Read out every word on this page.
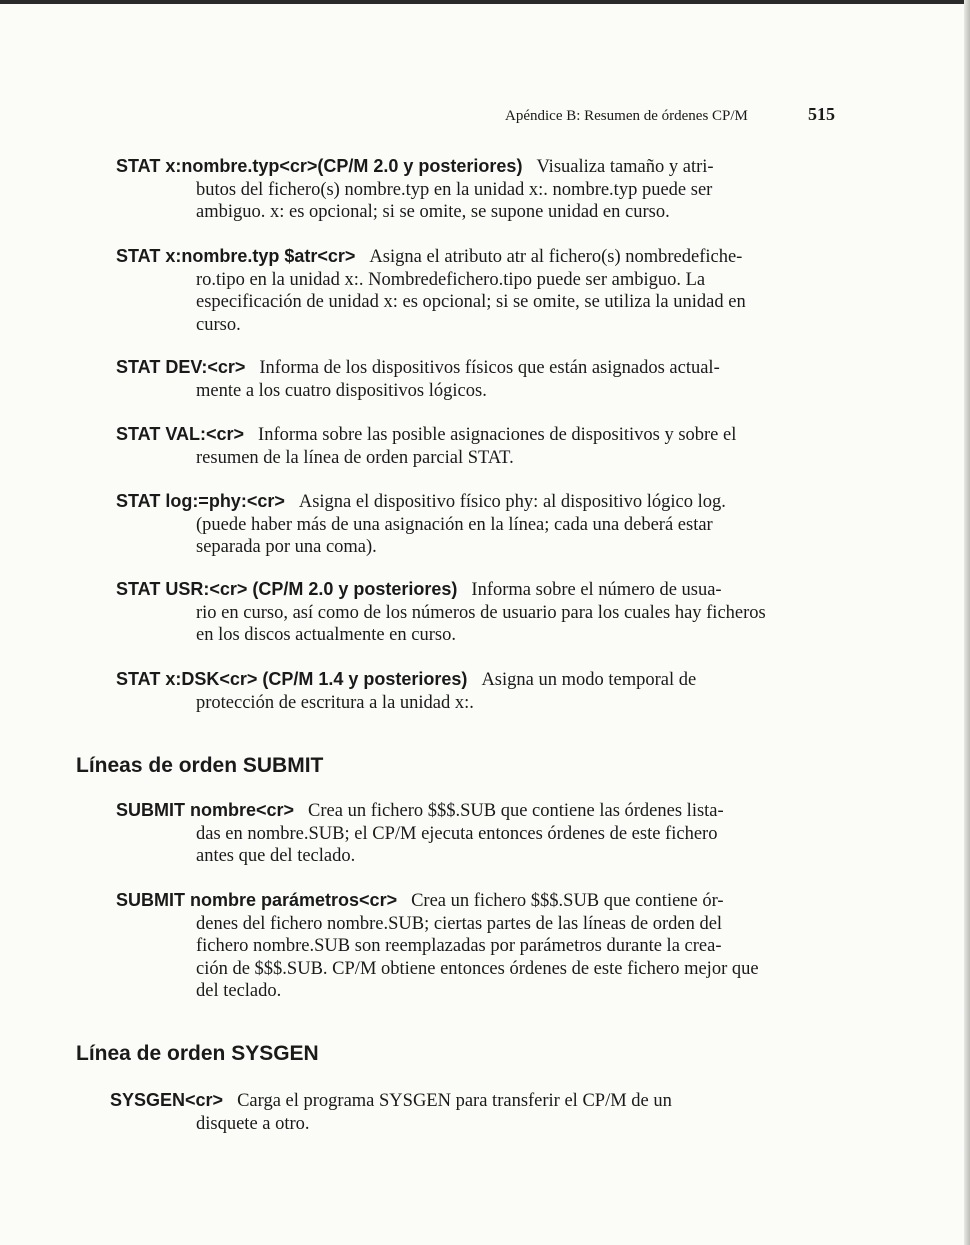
Apéndice B: Resumen de órdenes CP/M	515
STAT x:nombre.typ<cr>(CP/M 2.0 y posteriores) Visualiza tamaño y atri-
butos del fichero(s) nombre.typ en la unidad x:. nombre.typ puede ser
ambiguo. x: es opcional; si se omite, se supone unidad en curso.
STAT x:nombre.typ $atr<cr> Asigna el atributo atr al fichero(s) nombredefiche-
ro.tipo en la unidad x:. Nombredefichero.tipo puede ser ambiguo. La
especificación de unidad x: es opcional; si se omite, se utiliza la unidad en
curso.
STAT DEV:<cr> Informa de los dispositivos físicos que están asignados actual-
mente a los cuatro dispositivos lógicos.
STAT VAL:<cr> Informa sobre las posible asignaciones de dispositivos y sobre el
resumen de la línea de orden parcial STAT.
STAT log:=phy:<cr> Asigna el dispositivo físico phy: al dispositivo lógico log.
(puede haber más de una asignación en la línea; cada una deberá estar
separada por una coma).
STAT USR:<cr> (CP/M 2.0 y posteriores) Informa sobre el número de usua-
rio en curso, así como de los números de usuario para los cuales hay ficheros
en los discos actualmente en curso.
STAT x:DSK<cr> (CP/M 1.4 y posteriores) Asigna un modo temporal de
protección de escritura a la unidad x:.
Líneas de orden SUBMIT
SUBMIT nombre<cr> Crea un fichero $$$.SUB que contiene las órdenes lista-
das en nombre.SUB; el CP/M ejecuta entonces órdenes de este fichero
antes que del teclado.
SUBMIT nombre parámetros<cr> Crea un fichero $$$.SUB que contiene ór-
denes del fichero nombre.SUB; ciertas partes de las líneas de orden del
fichero nombre.SUB son reemplazadas por parámetros durante la crea-
ción de $$$.SUB. CP/M obtiene entonces órdenes de este fichero mejor que
del teclado.
Línea de orden SYSGEN
SYSGEN<cr> Carga el programa SYSGEN para transferir el CP/M de un
disquete a otro.
